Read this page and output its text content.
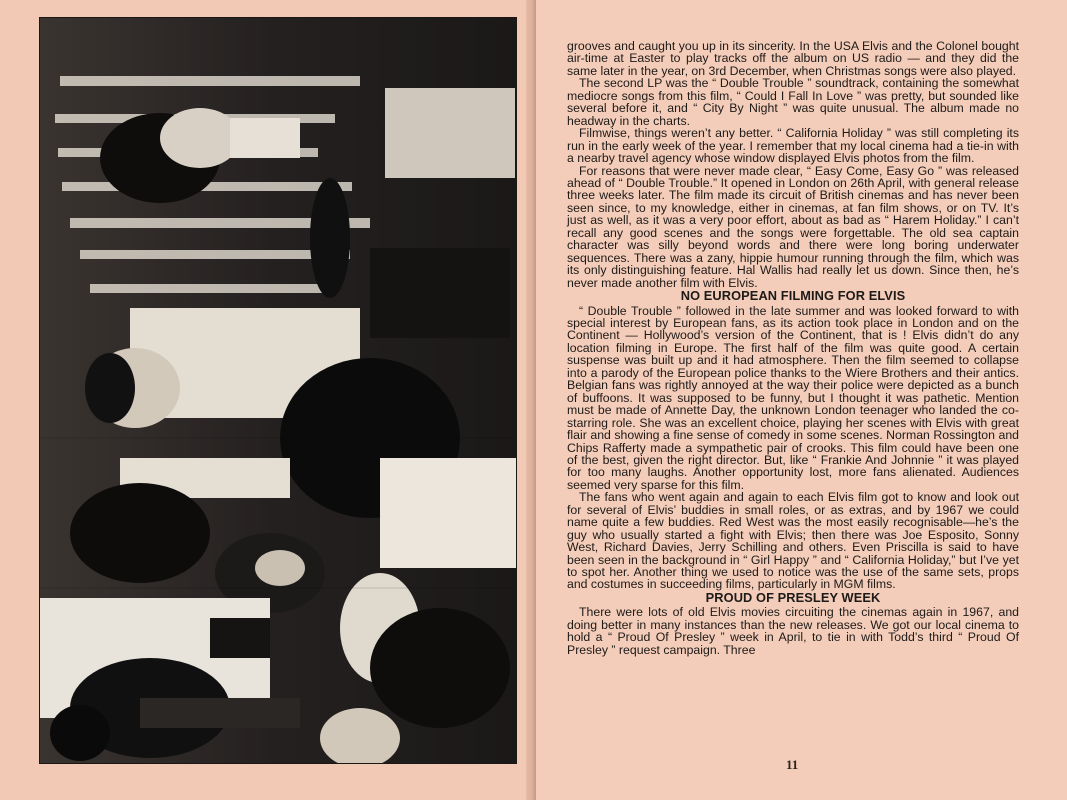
grooves and caught you up in its sincerity. In the USA Elvis and the Colonel bought air-time at Easter to play tracks off the album on US radio — and they did the same later in the year, on 3rd December, when Christmas songs were also played.

The second LP was the “ Double Trouble ” soundtrack, containing the somewhat mediocre songs from this film, “ Could I Fall In Love ” was pretty, but sounded like several before it, and “ City By Night ” was quite unusual. The album made no headway in the charts.

Filmwise, things weren’t any better. “ California Holiday ” was still completing its run in the early week of the year. I remember that my local cinema had a tie-in with a nearby travel agency whose window displayed Elvis photos from the film.

For reasons that were never made clear, “ Easy Come, Easy Go ” was released ahead of “ Double Trouble.” It opened in London on 26th April, with general release three weeks later. The film made its circuit of British cinemas and has never been seen since, to my knowledge, either in cinemas, at fan film shows, or on TV. It’s just as well, as it was a very poor effort, about as bad as “ Harem Holiday.” I can’t recall any good scenes and the songs were forgettable. The old sea captain character was silly beyond words and there were long boring underwater sequences. There was a zany, hippie humour running through the film, which was its only distinguishing feature. Hal Wallis had really let us down. Since then, he’s never made another film with Elvis.

NO EUROPEAN FILMING FOR ELVIS

“ Double Trouble ” followed in the late summer and was looked forward to with special interest by European fans, as its action took place in London and on the Continent — Hollywood’s version of the Continent, that is ! Elvis didn’t do any location filming in Europe. The first half of the film was quite good. A certain suspense was built up and it had atmosphere. Then the film seemed to collapse into a parody of the European police thanks to the Wiere Brothers and their antics. Belgian fans was rightly annoyed at the way their police were depicted as a bunch of buffoons. It was supposed to be funny, but I thought it was pathetic. Mention must be made of Annette Day, the unknown London teenager who landed the co-starring role. She was an excellent choice, playing her scenes with Elvis with great flair and showing a fine sense of comedy in some scenes. Norman Rossington and Chips Rafferty made a sympathetic pair of crooks. This film could have been one of the best, given the right director. But, like “ Frankie And Johnnie ” it was played for too many laughs. Another opportunity lost, more fans alienated. Audiences seemed very sparse for this film.

The fans who went again and again to each Elvis film got to know and look out for several of Elvis’ buddies in small roles, or as extras, and by 1967 we could name quite a few buddies. Red West was the most easily recognisable—he’s the guy who usually started a fight with Elvis; then there was Joe Esposito, Sonny West, Richard Davies, Jerry Schilling and others. Even Priscilla is said to have been seen in the background in “ Girl Happy ” and “ California Holiday,” but I’ve yet to spot her. Another thing we used to notice was the use of the same sets, props and costumes in succeeding films, particularly in MGM films.

PROUD OF PRESLEY WEEK

There were lots of old Elvis movies circuiting the cinemas again in 1967, and doing better in many instances than the new releases. We got our local cinema to hold a “ Proud Of Presley ” week in April, to tie in with Todd’s third “ Proud Of Presley ” request campaign. Three

11
